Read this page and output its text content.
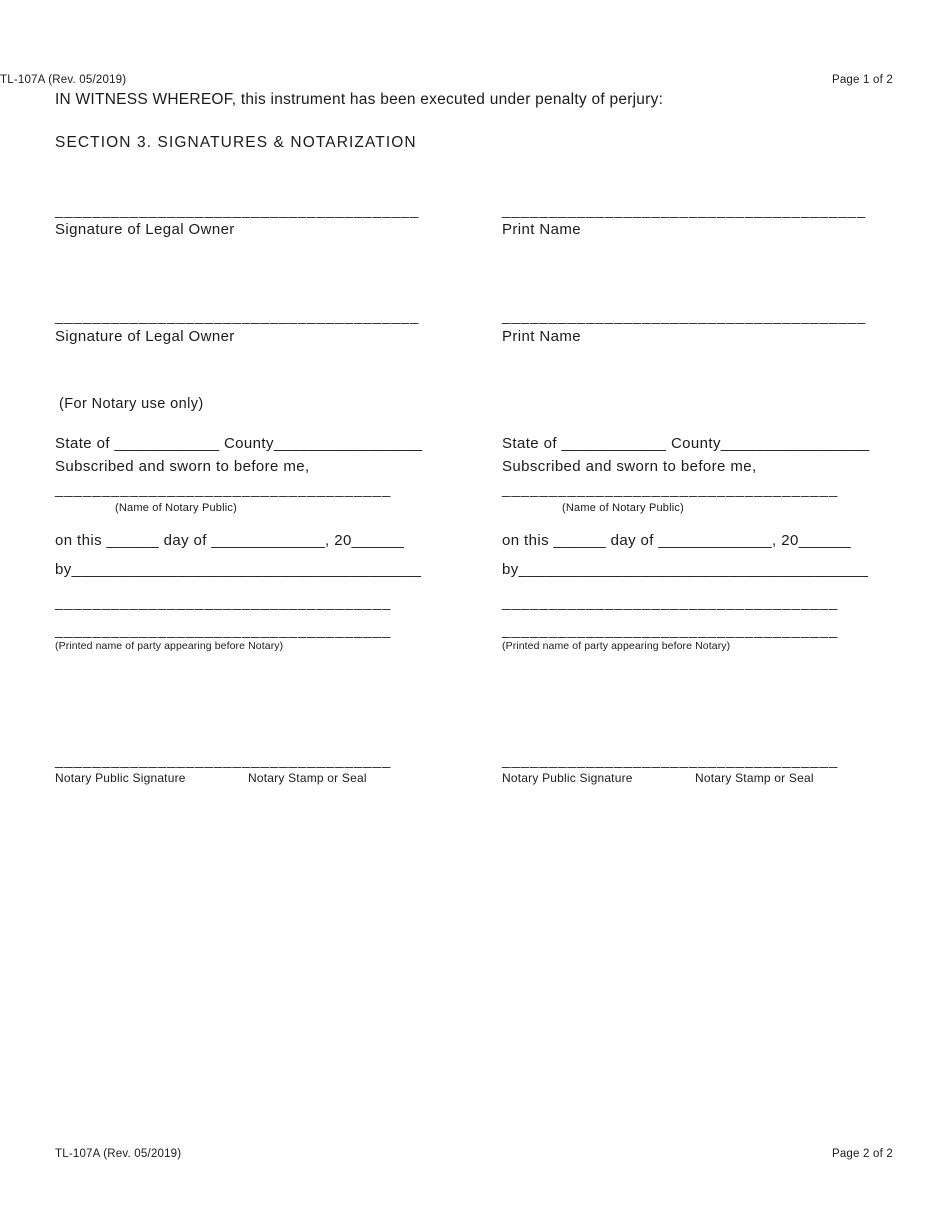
TL-107A (Rev. 05/2019)	Page 1 of 2
IN WITNESS WHEREOF, this instrument has been executed under penalty of perjury:
SECTION 3. SIGNATURES & NOTARIZATION
_______________________________________	_______________________________________
Signature of Legal Owner	Print Name
_______________________________________	_______________________________________
Signature of Legal Owner	Print Name
(For Notary use only)
State of ____________ County_________________
Subscribed and sworn to before me,
____________________________________
(Name of Notary Public)
on this ______ day of _____________, 20______
by________________________________________
____________________________________
____________________________________
(Printed name of party appearing before Notary)
____________________________________
Notary Public Signature	Notary Stamp or Seal
State of ____________ County_________________
Subscribed and sworn to before me,
____________________________________
(Name of Notary Public)
on this ______ day of _____________, 20______
by________________________________________
____________________________________
____________________________________
(Printed name of party appearing before Notary)
____________________________________
Notary Public Signature	Notary Stamp or Seal
TL-107A (Rev. 05/2019)	Page 2 of 2
